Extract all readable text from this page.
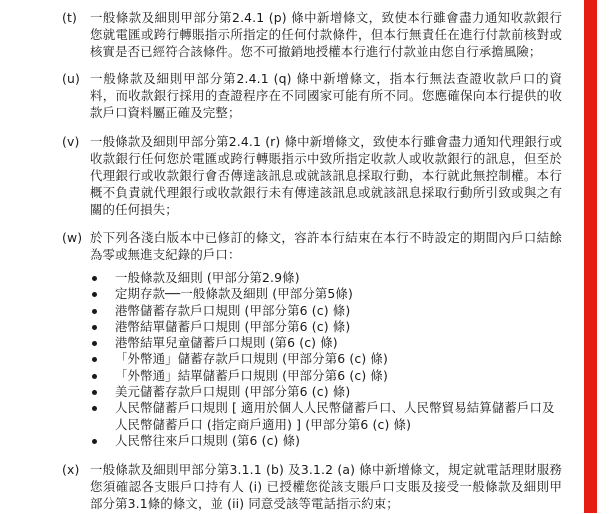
(t)	一般條款及細則甲部分第2.4.1 (p) 條中新增條文，致使本行雖會盡力通知收款銀行您就電匯或跨行轉賬指示所指定的任何付款條件，但本行無責任在進行付款前核對或核實是否已經符合該條件。您不可撤銷地授權本行進行付款並由您自行承擔風險；
(u) 一般條款及細則甲部分第2.4.1 (q) 條中新增條文，指本行無法查證收款戶口的資料，而收款銀行採用的查證程序在不同國家可能有所不同。您應確保向本行提供的收款戶口資料屬正確及完整；
(v) 一般條款及細則甲部分第2.4.1 (r) 條中新增條文，致使本行雖會盡力通知代理銀行或收款銀行任何您於電匯或跨行轉賬指示中致所指定收款人或收款銀行的訊息，但至於代理銀行或收款銀行會否傳達該訊息或就該訊息採取行動，本行就此無控制權。本行概不負責就代理銀行或收款銀行未有傳達該訊息或就該訊息採取行動所引致或與之有關的任何損失；
(w) 於下列各淺白版本中已修訂的條文，容許本行結束在本行不時設定的期間內戶口結餘為零或無進支紀錄的戶口：
一般條款及細則 (甲部分第2.9條)
定期存款──一般條款及細則 (甲部分第5條)
港幣儲蓄存款戶口規則 (甲部分第6 (c) 條)
港幣結單儲蓄戶口規則 (甲部分第6 (c) 條)
港幣結單兒童儲蓄戶口規則 (第6 (c) 條)
「外幣通」儲蓄存款戶口規則 (甲部分第6 (c) 條)
「外幣通」結單儲蓄戶口規則 (甲部分第6 (c) 條)
美元儲蓄存款戶口規則 (甲部分第6 (c) 條)
人民幣儲蓄戶口規則 [ 適用於個人人民幣儲蓄戶口、人民幣貿易結算儲蓄戶口及人民幣儲蓄戶口 (指定商戶適用) ] (甲部分第6 (c) 條)
人民幣往來戶口規則 (第6 (c) 條)
(x) 一般條款及細則甲部分第3.1.1 (b) 及3.1.2 (a) 條中新增條文，規定就電話理財服務您須確認各支賬戶口持有人 (i) 已授權您從該支賬戶口支賬及接受一般條款及細則甲部分第3.1條的條文，並 (ii) 同意受該等電話指示約束；
